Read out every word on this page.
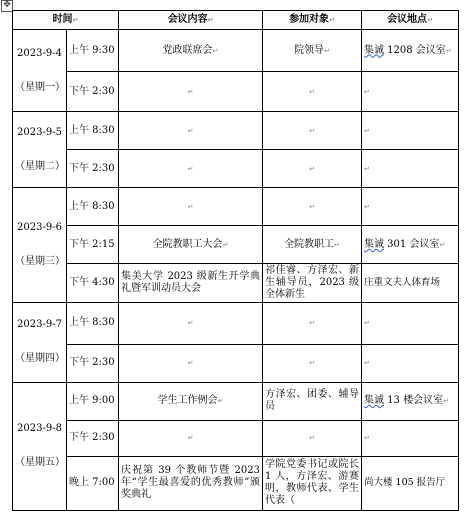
✥
时间↵		会议内容↵	参加对象↵	会议地点↵

2023-9-4
（星期一）	上午 9:30	党政联席会↵	院领导↵	集诚 1208 会议室↵
	下午 2:30	↵	↵	↵

2023-9-5
（星期二）	上午 8:30	↵	↵	↵
	下午 2:30	↵	↵	↵

2023-9-6
（星期三）	上午 8:30	↵	↵	↵
	下午 2:15	全院教职工大会↵	全院教职工↵	集诚 301 会议室↵
	下午 4:30	集美大学 2023 级新生开学典礼暨军训动员大会	祁佳睿、方泽宏、新生辅导员，2023 级全体新生	庄重文夫人体育场

2023-9-7
（星期四）	上午 8:30	↵	↵	↵
	下午 2:30	↵	↵	↵

2023-9-8
（星期五）	上午 9:00	学生工作例会↵	方泽宏、团委、辅导员	集诚 13 楼会议室↵
	下午 2:30	↵	↵	↵
	晚上 7:00	庆祝第 39 个教师节暨 2023 年“学生最喜爱的优秀教师”颁奖典礼	学院党委书记或院长 1 人，方泽宏、游赛明，教师代表、学生代表（	尚大楼 105 报告厅
